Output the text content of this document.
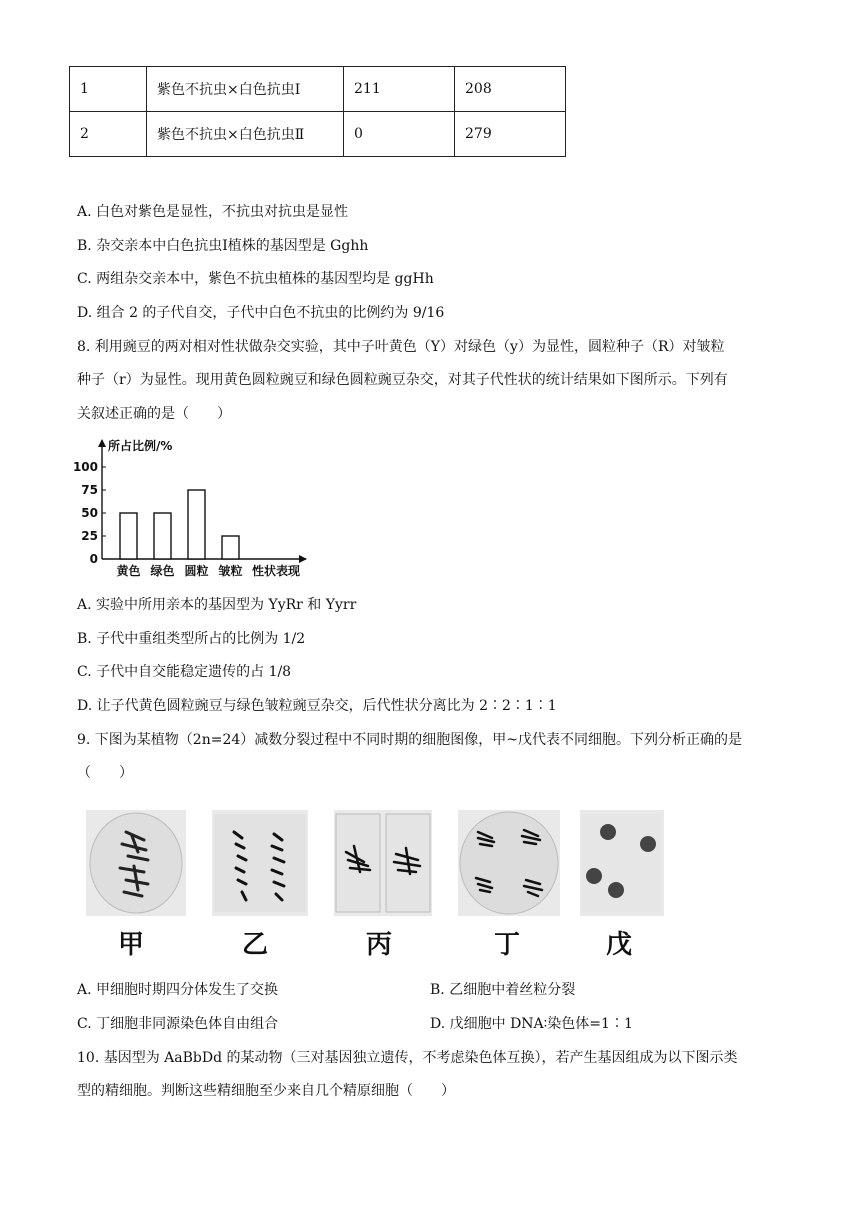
1	紫色不抗虫×白色抗虫Ⅰ	211	208
2	紫色不抗虫×白色抗虫Ⅱ	0	279
A. 白色对紫色是显性，不抗虫对抗虫是显性
B. 杂交亲本中白色抗虫Ⅰ植株的基因型是 Gghh
C. 两组杂交亲本中，紫色不抗虫植株的基因型均是 ggHh
D. 组合 2 的子代自交，子代中白色不抗虫的比例约为 9/16
8. 利用豌豆的两对相对性状做杂交实验，其中子叶黄色（Y）对绿色（y）为显性，圆粒种子（R）对皱粒
种子（r）为显性。现用黄色圆粒豌豆和绿色圆粒豌豆杂交，对其子代性状的统计结果如下图所示。下列有
关叙述正确的是（　　）
0
25
50
75
100
所占比例/%
黄色 绿色 圆粒 皱粒 性状表现
A. 实验中所用亲本的基因型为 YyRr 和 Yyrr
B. 子代中重组类型所占的比例为 1/2
C. 子代中自交能稳定遗传的占 1/8
D. 让子代黄色圆粒豌豆与绿色皱粒豌豆杂交，后代性状分离比为 2∶2∶1∶1
9. 下图为某植物（2n=24）减数分裂过程中不同时期的细胞图像，甲~戊代表不同细胞。下列分析正确的是
（　　）
甲	乙	丙	丁	戊
A. 甲细胞时期四分体发生了交换	B. 乙细胞中着丝粒分裂
C. 丁细胞非同源染色体自由组合	D. 戊细胞中 DNA∶染色体=1∶1
10. 基因型为 AaBbDd 的某动物（三对基因独立遗传，不考虑染色体互换），若产生基因组成为以下图示类
型的精细胞。判断这些精细胞至少来自几个精原细胞（　　）
